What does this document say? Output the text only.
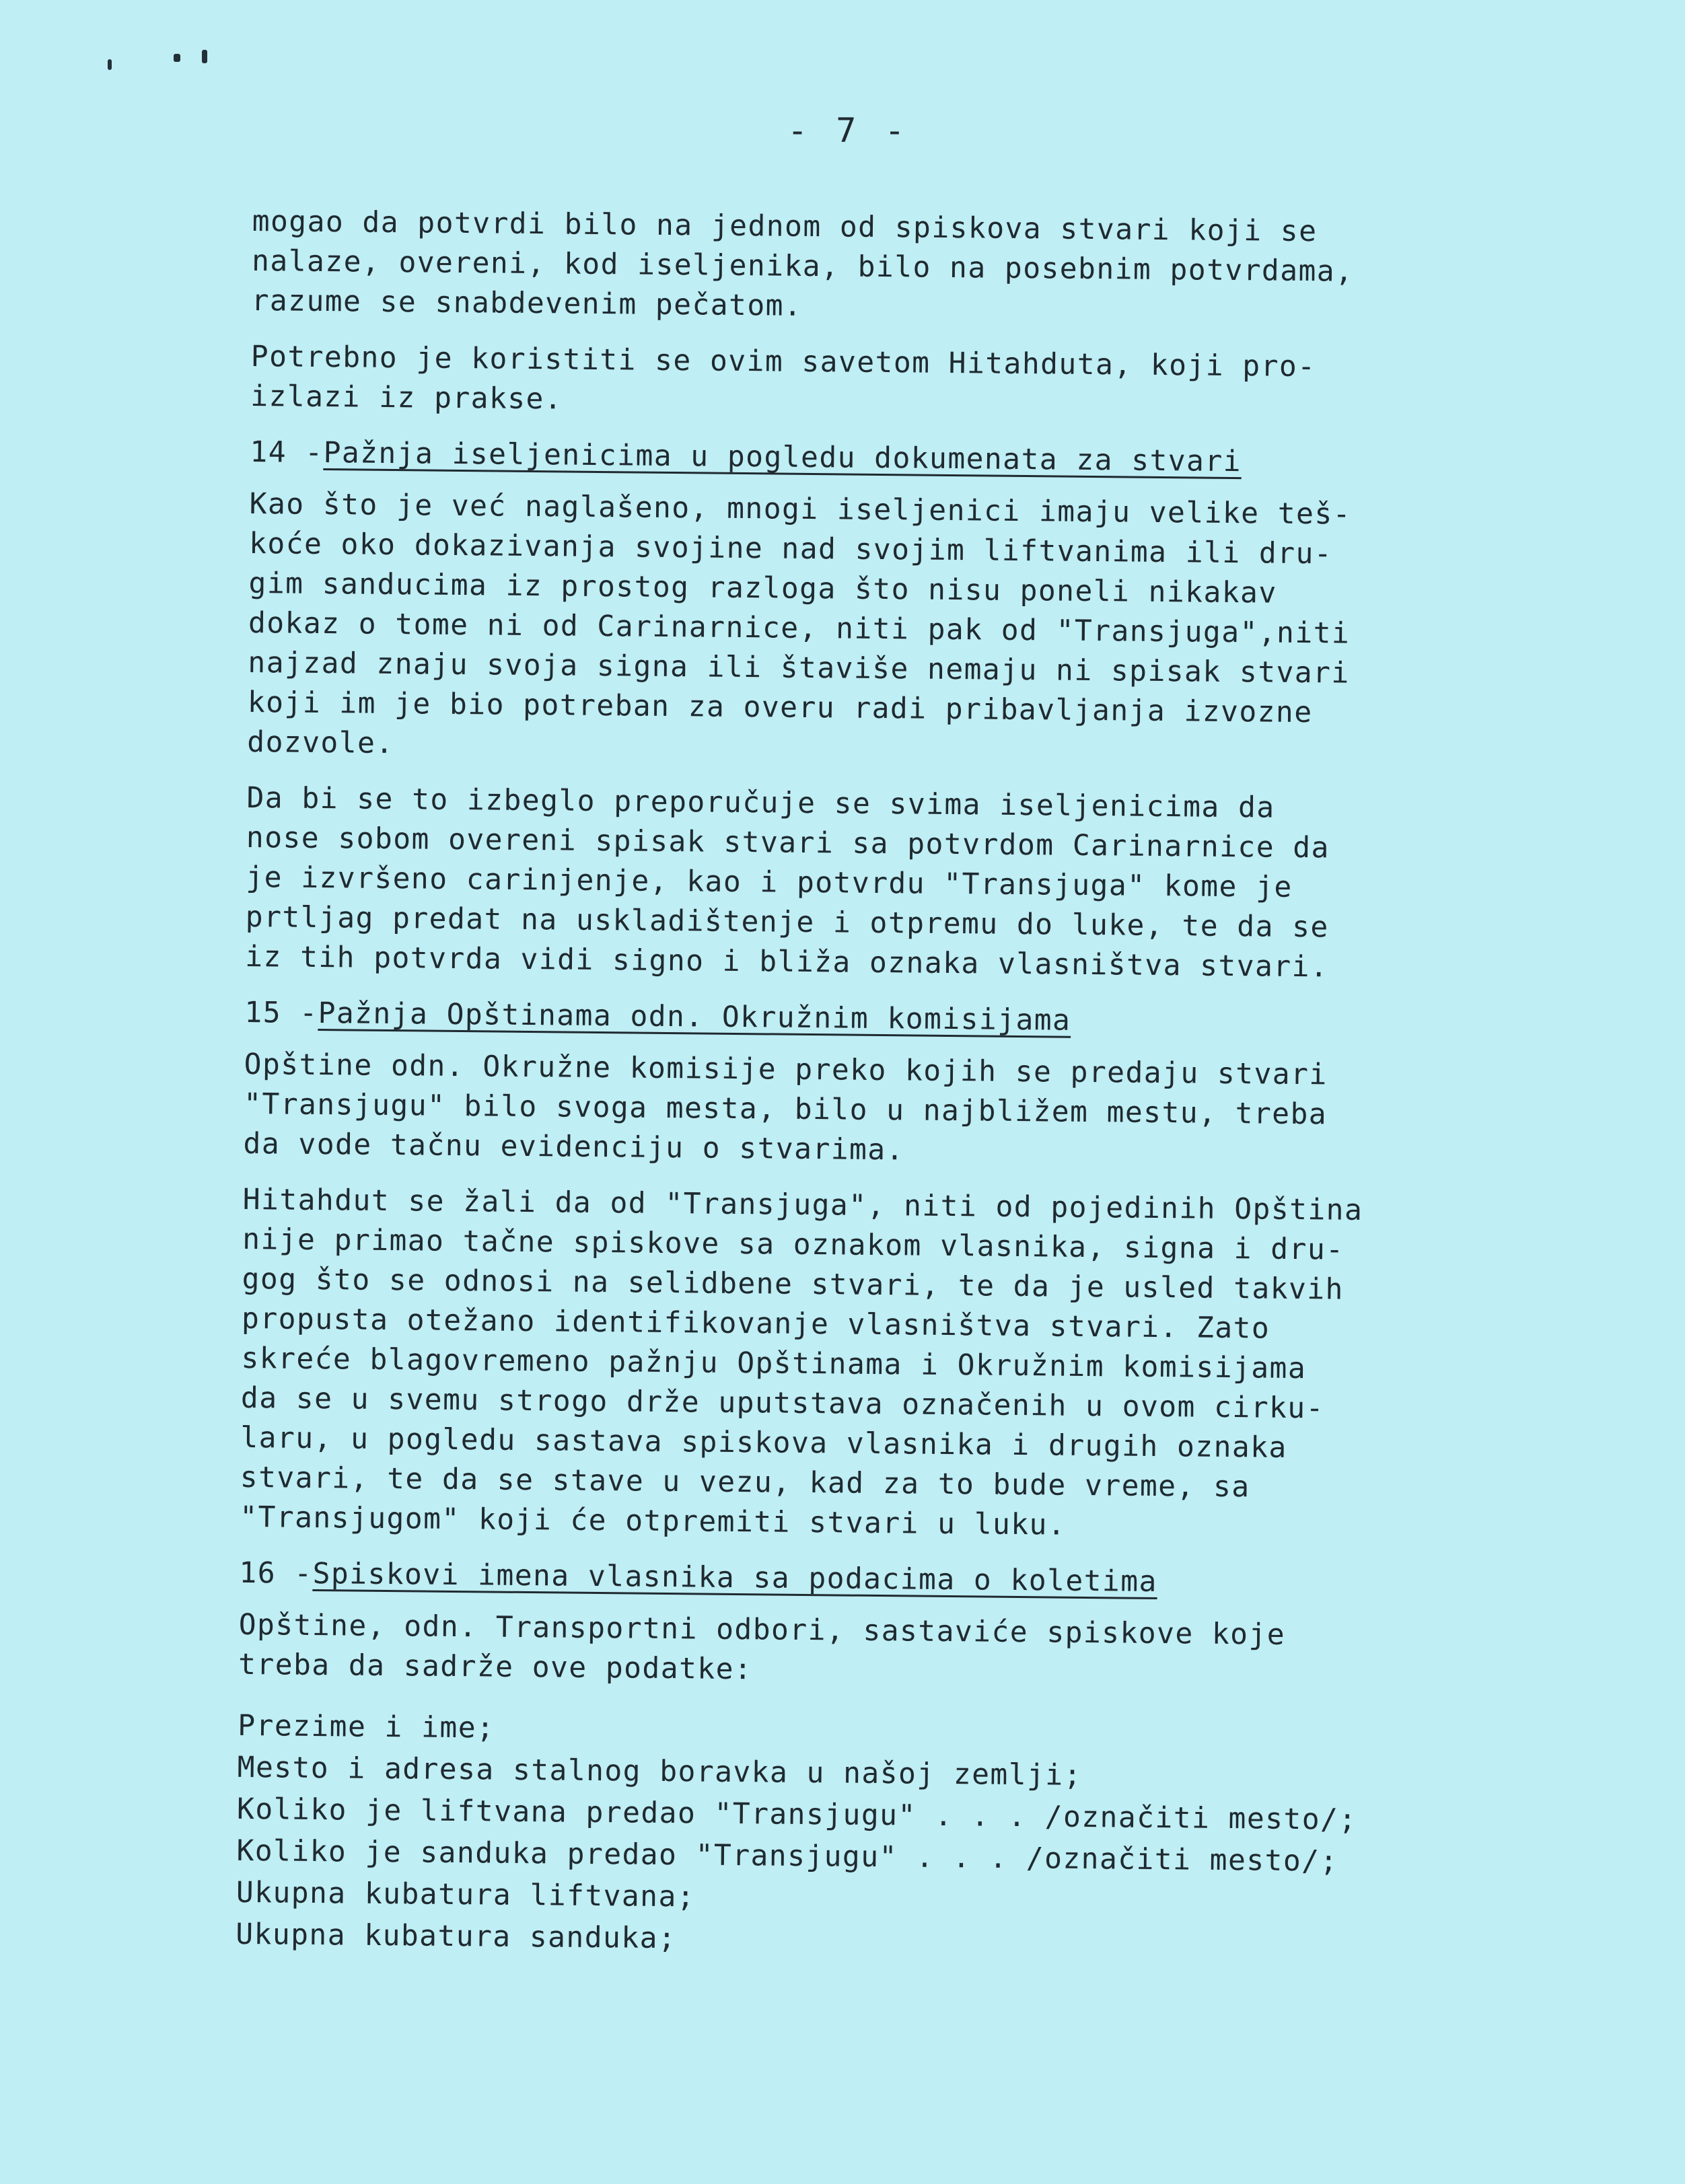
- 7 -

mogao da potvrdi bilo na jednom od spiskova stvari koji se
nalaze, overeni, kod iseljenika, bilo na posebnim potvrdama,
razume se snabdevenim pečatom.

Potrebno je koristiti se ovim savetom Hitahduta, koji pro-
izlazi iz prakse.

14 -Pažnja iseljenicima u pogledu dokumenata za stvari

Kao što je već naglašeno, mnogi iseljenici imaju velike teš-
koće oko dokazivanja svojine nad svojim liftvanima ili dru-
gim sanducima iz prostog razloga što nisu poneli nikakav
dokaz o tome ni od Carinarnice, niti pak od "Transjuga",niti
najzad znaju svoja signa ili štaviše nemaju ni spisak stvari
koji im je bio potreban za overu radi pribavljanja izvozne
dozvole.

Da bi se to izbeglo preporučuje se svima iseljenicima da
nose sobom overeni spisak stvari sa potvrdom Carinarnice da
je izvršeno carinjenje, kao i potvrdu "Transjuga" kome je
prtljag predat na uskladištenje i otpremu do luke, te da se
iz tih potvrda vidi signo i bliža oznaka vlasništva stvari.

15 -Pažnja Opštinama odn. Okružnim komisijama

Opštine odn. Okružne komisije preko kojih se predaju stvari
"Transjugu" bilo svoga mesta, bilo u najbližem mestu, treba
da vode tačnu evidenciju o stvarima.

Hitahdut se žali da od "Transjuga", niti od pojedinih Opština
nije primao tačne spiskove sa oznakom vlasnika, signa i dru-
gog što se odnosi na selidbene stvari, te da je usled takvih
propusta otežano identifikovanje vlasništva stvari. Zato
skreće blagovremeno pažnju Opštinama i Okružnim komisijama
da se u svemu strogo drže uputstava označenih u ovom cirku-
laru, u pogledu sastava spiskova vlasnika i drugih oznaka
stvari, te da se stave u vezu, kad za to bude vreme, sa
"Transjugom" koji će otpremiti stvari u luku.

16 -Spiskovi imena vlasnika sa podacima o koletima

Opštine, odn. Transportni odbori, sastaviće spiskove koje
treba da sadrže ove podatke:

Prezime i ime;
Mesto i adresa stalnog boravka u našoj zemlji;
Koliko je liftvana predao "Transjugu" . . . /označiti mesto/;
Koliko je sanduka predao "Transjugu" . . . /označiti mesto/;
Ukupna kubatura liftvana;
Ukupna kubatura sanduka;
